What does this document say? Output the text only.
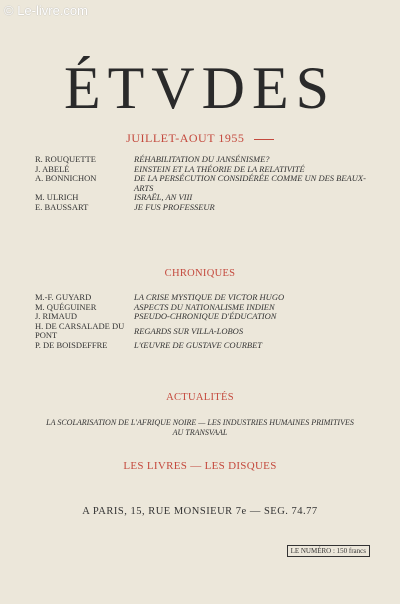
© Le-livre.com
ÉTVDES
JUILLET-AOUT 1955
R. ROUQUETTE	RÉHABILITATION DU JANSÉNISME?
J. ABELÉ	EINSTEIN ET LA THÉORIE DE LA RELATIVITÉ
A. BONNICHON	DE LA PERSÉCUTION CONSIDÉRÉE COMME UN DES BEAUX-ARTS
M. ULRICH	ISRAËL, AN VIII
E. BAUSSART	JE FUS PROFESSEUR
CHRONIQUES
M.-F. GUYARD	LA CRISE MYSTIQUE DE VICTOR HUGO
M. QUÉGUINER	ASPECTS DU NATIONALISME INDIEN
J. RIMAUD	PSEUDO-CHRONIQUE D'ÉDUCATION
H. DE CARSALADE DU PONT	REGARDS SUR VILLA-LOBOS
P. DE BOISDEFFRE	L'ŒUVRE DE GUSTAVE COURBET
ACTUALITÉS
LA SCOLARISATION DE L'AFRIQUE NOIRE — LES INDUSTRIES HUMAINES PRIMITIVES AU TRANSVAAL
LES LIVRES — LES DISQUES
A PARIS, 15, RUE MONSIEUR 7e — SEG. 74.77
LE NUMÉRO : 150 francs
